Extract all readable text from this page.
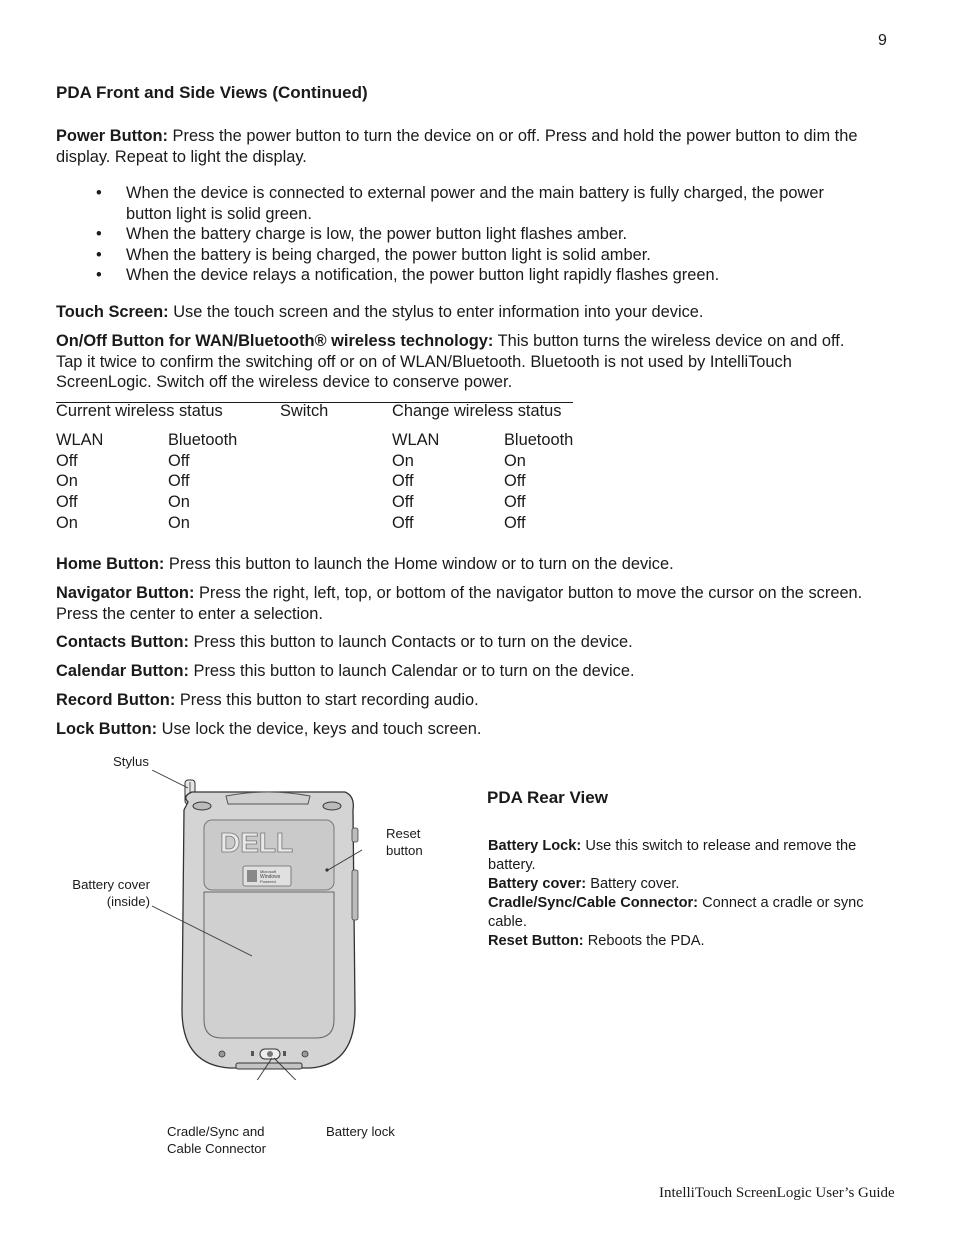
9
PDA Front and Side Views (Continued)
Power Button: Press the power button to turn the device on or off. Press and hold the power button to dim the
display. Repeat to light the display.
• When the device is connected to external power and the main battery is fully charged, the power
button light is solid green.
• When the battery charge is low, the power button light flashes amber.
• When the battery is being charged, the power button light is solid amber.
• When the device relays a notification, the power button light rapidly flashes green.
Touch Screen: Use the touch screen and the stylus to enter information into your device.
On/Off Button for WAN/Bluetooth® wireless technology: This button turns the wireless device on and off.
Tap it twice to confirm the switching off or on of WLAN/Bluetooth. Bluetooth is not used by IntelliTouch
ScreenLogic. Switch off the wireless device to conserve power.
Current wireless status	Switch	Change wireless status
WLAN	Bluetooth	WLAN	Bluetooth
Off	Off	On	On
On	Off	Off	Off
Off	On	Off	Off
On	On	Off	Off
Home Button: Press this button to launch the Home window or to turn on the device.
Navigator Button: Press the right, left, top, or bottom of the navigator button to move the cursor on the screen.
Press the center to enter a selection.
Contacts Button: Press this button to launch Contacts or to turn on the device.
Calendar Button: Press this button to launch Calendar or to turn on the device.
Record Button: Press this button to start recording audio.
Lock Button: Use lock the device, keys and touch screen.
DELL
Microsoft
Windows
Powered
Stylus
Reset
button
Battery cover
(inside)
Cradle/Sync and
Cable Connector
Battery lock
PDA Rear View
Battery Lock: Use this switch to release and remove the
battery.
Battery cover: Battery cover.
Cradle/Sync/Cable Connector: Connect a cradle or sync
cable.
Reset Button: Reboots the PDA.
IntelliTouch ScreenLogic User’s Guide
